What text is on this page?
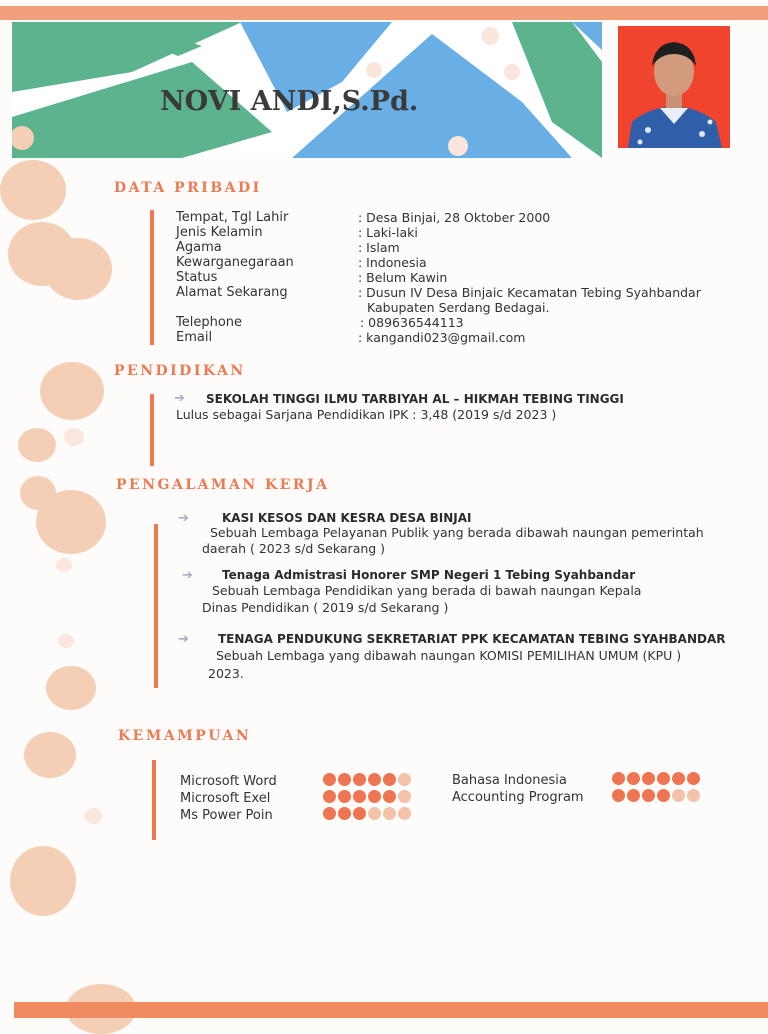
NOVI ANDI,S.Pd.
DATA PRIBADI
Tempat, Tgl Lahir	: Desa Binjai, 28 Oktober 2000
Jenis Kelamin	: Laki-laki
Agama	: Islam
Kewarganegaraan	: Indonesia
Status	: Belum Kawin
Alamat Sekarang	: Dusun IV Desa Binjaic Kecamatan Tebing Syahbandar
Kabupaten Serdang Bedagai.
Telephone	: 089636544113
Email	: kangandi023@gmail.com
PENDIDIKAN
➔ SEKOLAH TINGGI ILMU TARBIYAH AL – HIKMAH TEBING TINGGI
Lulus sebagai Sarjana Pendidikan IPK : 3,48 (2019 s/d 2023 )
PENGALAMAN KERJA
➔	KASI KESOS DAN KESRA DESA BINJAI
Sebuah Lembaga Pelayanan Publik yang berada dibawah naungan pemerintah
daerah ( 2023 s/d Sekarang )
➔ Tenaga Admistrasi Honorer SMP Negeri 1 Tebing Syahbandar
Sebuah Lembaga Pendidikan yang berada di bawah naungan Kepala
Dinas Pendidikan ( 2019 s/d Sekarang )
➔ TENAGA PENDUKUNG SEKRETARIAT PPK KECAMATAN TEBING SYAHBANDAR
Sebuah Lembaga yang dibawah naungan KOMISI PEMILIHAN UMUM (KPU )
2023.
KEMAMPUAN
Microsoft Word
Microsoft Exel
Ms Power Poin
Bahasa Indonesia
Accounting Program
